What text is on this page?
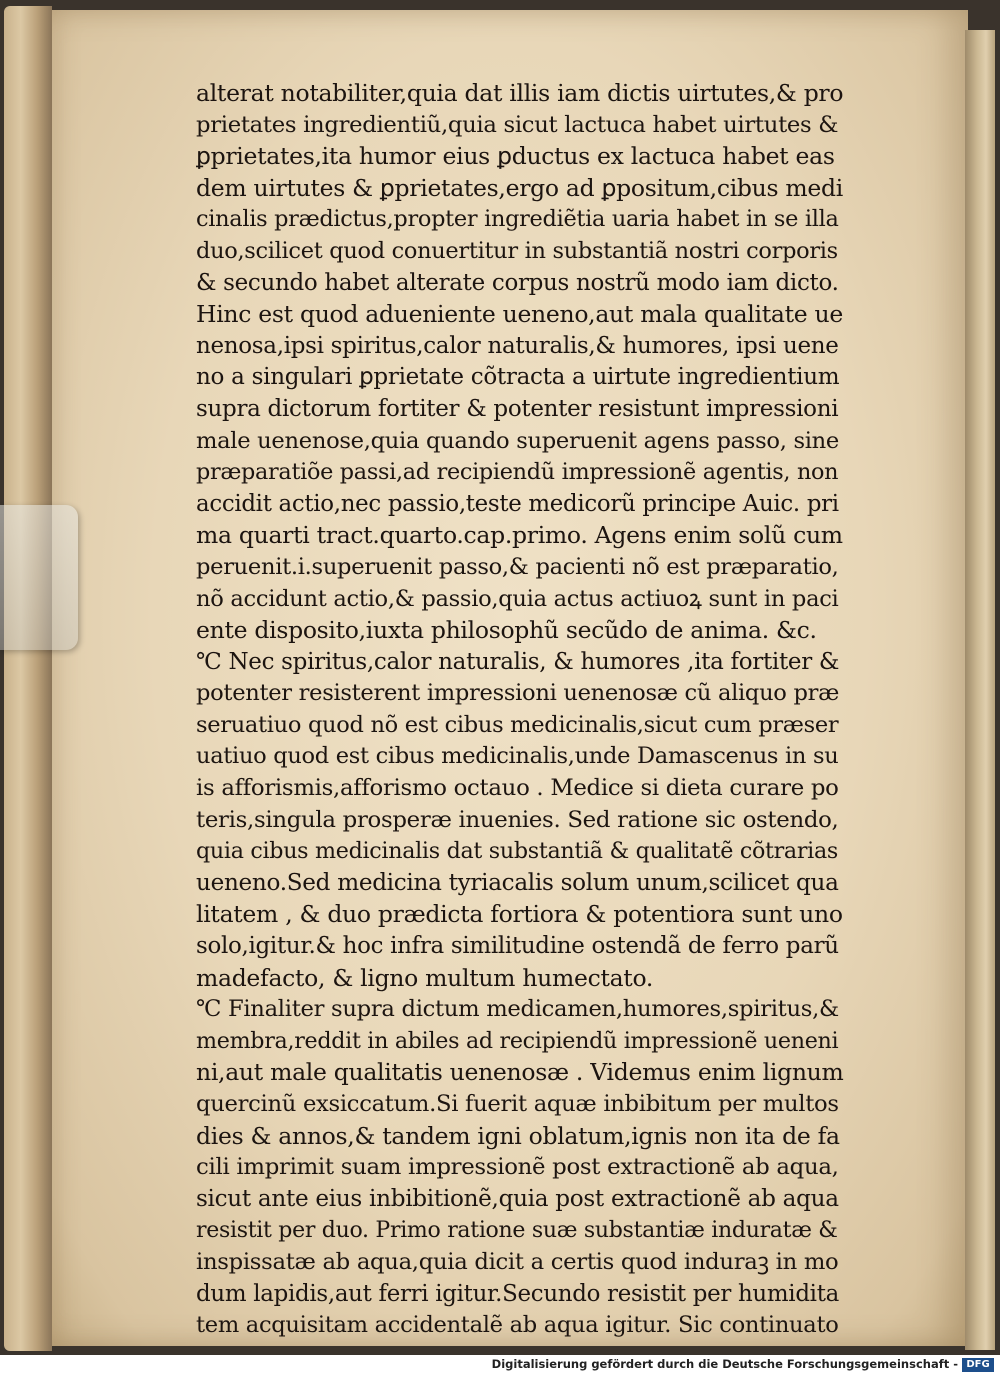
alterat notabiliter,quia dat illis iam dictis uirtutes,& pro
prietates ingredientiũ,quia sicut lactuca habet uirtutes &
ꝑprietates,ita humor eius ꝑductus ex lactuca habet eas
dem uirtutes & ꝑprietates,ergo ad ꝑpositum,cibus medi
cinalis prædictus,propter ingrediẽtia uaria habet in se illa
duo,scilicet quod conuertitur in substantiã nostri corporis
& secundo habet alterate corpus nostrũ modo iam dicto.
Hinc est quod adueniente ueneno,aut mala qualitate ue
nenosa,ipsi spiritus,calor naturalis,& humores, ipsi uene
no a singulari ꝑprietate cõtracta a uirtute ingredientium
supra dictorum fortiter & potenter resistunt impressioni
male uenenose,quia quando superuenit agens passo, sine
præparatiõe passi,ad recipiendũ impressionẽ agentis, non
accidit actio,nec passio,teste medicorũ principe Auic. pri
ma quarti tract.quarto.cap.primo. Agens enim solũ cum
peruenit.i.superuenit passo,& pacienti nõ est præparatio,
nõ accidunt actio,& passio,quia actus actiuoꝝ sunt in paci
ente disposito,iuxta philosophũ secũdo de anima. &c.
℃ Nec spiritus,calor naturalis, & humores ,ita fortiter &
potenter resisterent impressioni uenenosæ cũ aliquo præ
seruatiuo quod nõ est cibus medicinalis,sicut cum præser
uatiuo quod est cibus medicinalis,unde Damascenus in su
is afforismis,afforismo octauo . Medice si dieta curare po
teris,singula prosperæ inuenies. Sed ratione sic ostendo,
quia cibus medicinalis dat substantiã & qualitatẽ cõtrarias
ueneno.Sed medicina tyriacalis solum unum,scilicet qua
litatem , & duo prædicta fortiora & potentiora sunt uno
solo,igitur.& hoc infra similitudine ostendã de ferro parũ
madefacto, & ligno multum humectato.
℃ Finaliter supra dictum medicamen,humores,spiritus,&
membra,reddit in abiles ad recipiendũ impressionẽ ueneni
ni,aut male qualitatis uenenosæ . Videmus enim lignum
quercinũ exsiccatum.Si fuerit aquæ inbibitum per multos
dies & annos,& tandem igni oblatum,ignis non ita de fa
cili imprimit suam impressionẽ post extractionẽ ab aqua,
sicut ante eius inbibitionẽ,quia post extractionẽ ab aqua
resistit per duo. Primo ratione suæ substantiæ induratæ &
inspissatæ ab aqua,quia dicit a certis quod induraꝫ in mo
dum lapidis,aut ferri igitur.Secundo resistit per humidita
tem acquisitam accidentalẽ ab aqua igitur. Sic continuato
Digitalisierung gefördert durch die Deutsche Forschungsgemeinschaft - DFG
